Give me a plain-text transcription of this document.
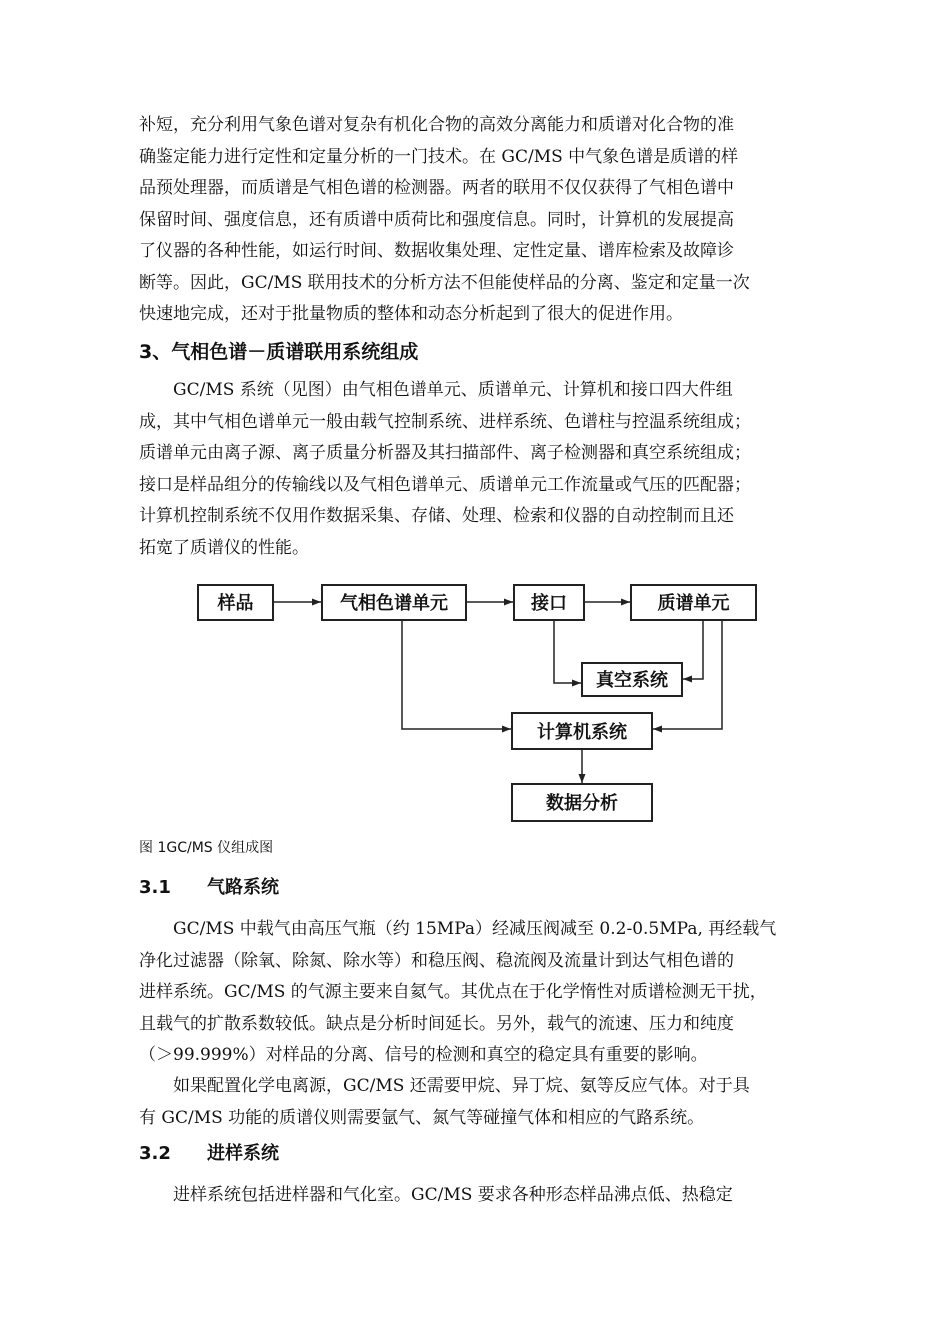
补短，充分利用气象色谱对复杂有机化合物的高效分离能力和质谱对化合物的准
确鉴定能力进行定性和定量分析的一门技术。在 GC/MS 中气象色谱是质谱的样
品预处理器，而质谱是气相色谱的检测器。两者的联用不仅仅获得了气相色谱中
保留时间、强度信息，还有质谱中质荷比和强度信息。同时，计算机的发展提高
了仪器的各种性能，如运行时间、数据收集处理、定性定量、谱库检索及故障诊
断等。因此，GC/MS 联用技术的分析方法不但能使样品的分离、鉴定和定量一次
快速地完成，还对于批量物质的整体和动态分析起到了很大的促进作用。

3、气相色谱－质谱联用系统组成

　　GC/MS 系统（见图）由气相色谱单元、质谱单元、计算机和接口四大件组
成，其中气相色谱单元一般由载气控制系统、进样系统、色谱柱与控温系统组成；
质谱单元由离子源、离子质量分析器及其扫描部件、离子检测器和真空系统组成；
接口是样品组分的传输线以及气相色谱单元、质谱单元工作流量或气压的匹配器；
计算机控制系统不仅用作数据采集、存储、处理、检索和仪器的自动控制而且还
拓宽了质谱仪的性能。

样品	气相色谱单元	接口	质谱单元
真空系统
计算机系统
数据分析
图 1GC/MS 仪组成图
3.1 气路系统

　　GC/MS 中载气由高压气瓶（约 15MPa）经减压阀减至 0.2-0.5MPa, 再经载气
净化过滤器（除氧、除氮、除水等）和稳压阀、稳流阀及流量计到达气相色谱的
进样系统。GC/MS 的气源主要来自氦气。其优点在于化学惰性对质谱检测无干扰，
且载气的扩散系数较低。缺点是分析时间延长。另外，载气的流速、压力和纯度
（＞99.999%）对样品的分离、信号的检测和真空的稳定具有重要的影响。

　　如果配置化学电离源，GC/MS 还需要甲烷、异丁烷、氨等反应气体。对于具
有 GC/MS 功能的质谱仪则需要氩气、氮气等碰撞气体和相应的气路系统。

3.2 进样系统

　　进样系统包括进样器和气化室。GC/MS 要求各种形态样品沸点低、热稳定
